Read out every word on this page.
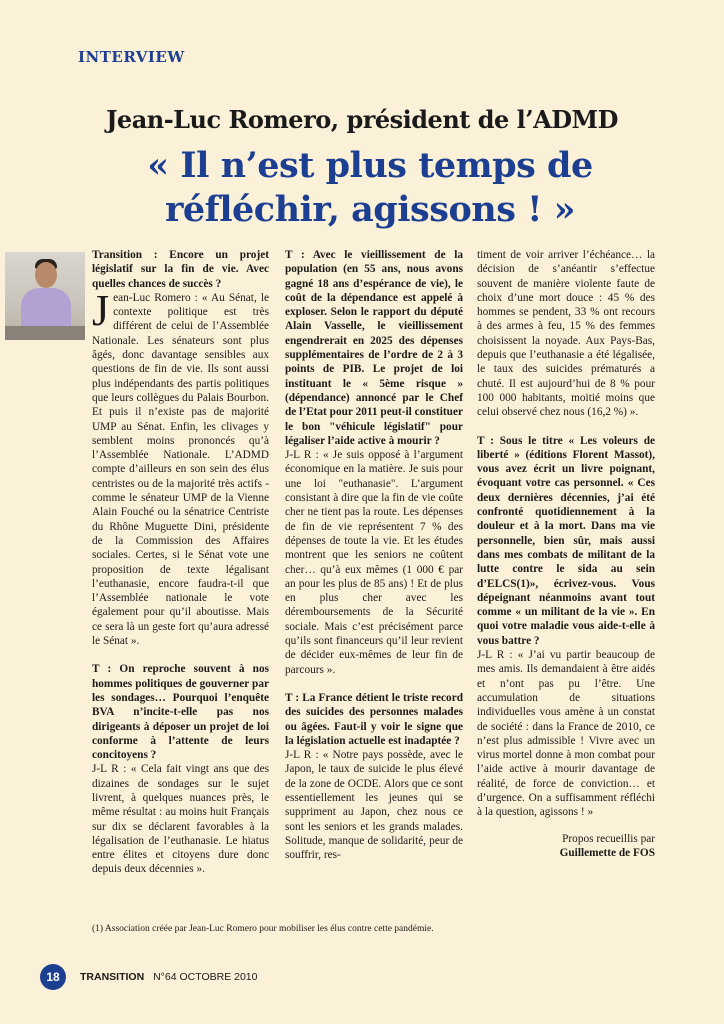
INTERVIEW
Jean-Luc Romero, président de l’ADMD
« Il n’est plus temps de réfléchir, agissons ! »

Transition : Encore un projet législatif sur la fin de vie. Avec quelles chances de succès ?

Jean-Luc Romero : « Au Sénat, le contexte politique est très différent de celui de l’Assemblée Nationale. Les sénateurs sont plus âgés, donc davantage sensibles aux questions de fin de vie. Ils sont aussi plus indépendants des partis politiques que leurs collègues du Palais Bourbon. Et puis il n’existe pas de majorité UMP au Sénat. Enfin, les clivages y semblent moins prononcés qu’à l’Assemblée Nationale. L’ADMD compte d’ailleurs en son sein des élus centristes ou de la majorité très actifs - comme le sénateur UMP de la Vienne Alain Fouché ou la sénatrice Centriste du Rhône Muguette Dini, présidente de la Commission des Affaires sociales. Certes, si le Sénat vote une proposition de texte légalisant l’euthanasie, encore faudra-t-il que l’Assemblée nationale le vote également pour qu’il aboutisse. Mais ce sera là un geste fort qu’aura adressé le Sénat ».

T : On reproche souvent à nos hommes politiques de gouverner par les sondages… Pourquoi l’enquête BVA n’incite-t-elle pas nos dirigeants à déposer un projet de loi conforme à l’attente de leurs concitoyens ?

J-L R : « Cela fait vingt ans que des dizaines de sondages sur le sujet livrent, à quelques nuances près, le même résultat : au moins huit Français sur dix se déclarent favorables à la légalisation de l’euthanasie. Le hiatus entre élites et citoyens dure donc depuis deux décennies ».

T : Avec le vieillissement de la population (en 55 ans, nous avons gagné 18 ans d’espérance de vie), le coût de la dépendance est appelé à exploser. Selon le rapport du député Alain Vasselle, le vieillissement engendrerait en 2025 des dépenses supplémentaires de l’ordre de 2 à 3 points de PIB. Le projet de loi instituant le « 5ème risque » (dépendance) annoncé par le Chef de l’Etat pour 2011 peut-il constituer le bon "véhicule législatif" pour légaliser l’aide active à mourir ?

J-L R : « Je suis opposé à l’argument économique en la matière. Je suis pour une loi "euthanasie". L’argument consistant à dire que la fin de vie coûte cher ne tient pas la route. Les dépenses de fin de vie représentent 7 % des dépenses de toute la vie. Et les études montrent que les seniors ne coûtent cher… qu’à eux mêmes (1 000 € par an pour les plus de 85 ans) ! Et de plus en plus cher avec les déremboursements de la Sécurité sociale. Mais c’est précisément parce qu’ils sont financeurs qu’il leur revient de décider eux-mêmes de leur fin de parcours ».

T : La France détient le triste record des suicides des personnes malades ou âgées. Faut-il y voir le signe que la législation actuelle est inadaptée ?

J-L R : « Notre pays possède, avec le Japon, le taux de suicide le plus élevé de la zone de OCDE. Alors que ce sont essentiellement les jeunes qui se suppriment au Japon, chez nous ce sont les seniors et les grands malades. Solitude, manque de solidarité, peur de souffrir, res-

timent de voir arriver l’échéance… la décision de s’anéantir s’effectue souvent de manière violente faute de choix d’une mort douce : 45 % des hommes se pendent, 33 % ont recours à des armes à feu, 15 % des femmes choisissent la noyade. Aux Pays-Bas, depuis que l’euthanasie a été légalisée, le taux des suicides prématurés a chuté. Il est aujourd’hui de 8 % pour 100 000 habitants, moitié moins que celui observé chez nous (16,2 %) ».

T : Sous le titre « Les voleurs de liberté » (éditions Florent Massot), vous avez écrit un livre poignant, évoquant votre cas personnel. « Ces deux dernières décennies, j’ai été confronté quotidiennement à la douleur et à la mort. Dans ma vie personnelle, bien sûr, mais aussi dans mes combats de militant de la lutte contre le sida au sein d’ELCS(1)», écrivez-vous. Vous dépeignant néanmoins avant tout comme « un militant de la vie ». En quoi votre maladie vous aide-t-elle à vous battre ?

J-L R : « J’ai vu partir beaucoup de mes amis. Ils demandaient à être aidés et n’ont pas pu l’être. Une accumulation de situations individuelles vous amène à un constat de société : dans la France de 2010, ce n’est plus admissible ! Vivre avec un virus mortel donne à mon combat pour l’aide active à mourir davantage de réalité, de force de conviction… et d’urgence. On a suffisamment réfléchi à la question, agissons ! »

Propos recueillis par
Guillemette de FOS
(1) Association créée par Jean-Luc Romero pour mobiliser les élus contre cette pandémie.
18	TRANSITION N°64 OCTOBRE 2010
